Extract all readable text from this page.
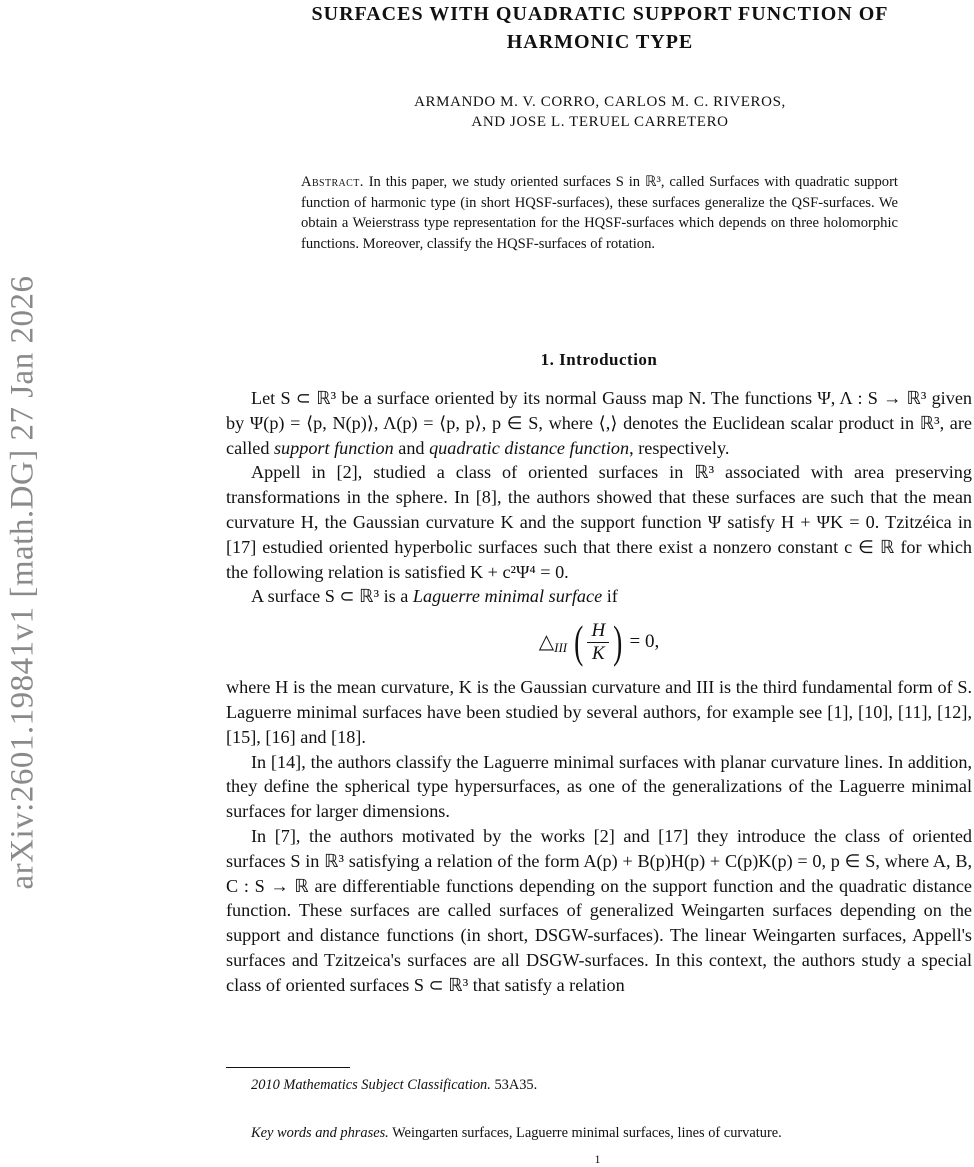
arXiv:2601.19841v1 [math.DG] 27 Jan 2026
SURFACES WITH QUADRATIC SUPPORT FUNCTION OF
HARMONIC TYPE
ARMANDO M. V. CORRO, CARLOS M. C. RIVEROS,
AND JOSE L. TERUEL CARRETERO

Abstract. In this paper, we study oriented surfaces S in ℝ³, called Surfaces with quadratic support function of harmonic type (in short HQSF-surfaces), these surfaces generalize the QSF-surfaces. We obtain a Weierstrass type representation for the HQSF-surfaces which depends on three holomorphic functions. Moreover, classify the HQSF-surfaces of rotation.

1. Introduction

Let S ⊂ ℝ³ be a surface oriented by its normal Gauss map N. The functions Ψ, Λ : S → ℝ³ given by Ψ(p) = ⟨p, N(p)⟩, Λ(p) = ⟨p, p⟩, p ∈ S, where ⟨,⟩ denotes the Euclidean scalar product in ℝ³, are called support function and quadratic distance function, respectively.

Appell in [2], studied a class of oriented surfaces in ℝ³ associated with area preserving transformations in the sphere. In [8], the authors showed that these surfaces are such that the mean curvature H, the Gaussian curvature K and the support function Ψ satisfy H + ΨK = 0. Tzitzéica in [17] estudied oriented hyperbolic surfaces such that there exist a nonzero constant c ∈ ℝ for which the following relation is satisfied K + c²Ψ⁴ = 0.

A surface S ⊂ ℝ³ is a Laguerre minimal surface if

△ III ( $\frac{H}{K}$ ) = 0,

where H is the mean curvature, K is the Gaussian curvature and III is the third fundamental form of S. Laguerre minimal surfaces have been studied by several authors, for example see [1], [10], [11], [12], [15], [16] and [18].

In [14], the authors classify the Laguerre minimal surfaces with planar curvature lines. In addition, they define the spherical type hypersurfaces, as one of the generalizations of the Laguerre minimal surfaces for larger dimensions.

In [7], the authors motivated by the works [2] and [17] they introduce the class of oriented surfaces S in ℝ³ satisfying a relation of the form A(p) + B(p)H(p) + C(p)K(p) = 0, p ∈ S, where A, B, C : S → ℝ are differentiable functions depending on the support function and the quadratic distance function. These surfaces are called surfaces of generalized Weingarten surfaces depending on the support and distance functions (in short, DSGW-surfaces). The linear Weingarten surfaces, Appell's surfaces and Tzitzeica's surfaces are all DSGW-surfaces. In this context, the authors study a special class of oriented surfaces S ⊂ ℝ³ that satisfy a relation

2010 Mathematics Subject Classification. 53A35.
Key words and phrases. Weingarten surfaces, Laguerre minimal surfaces, lines of curvature.
1
